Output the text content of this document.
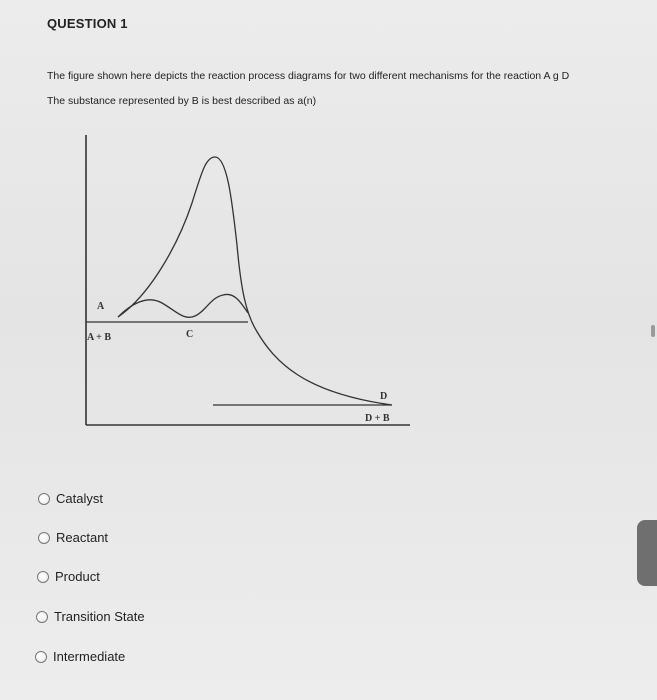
QUESTION 1
The figure shown here depicts the reaction process diagrams for two different mechanisms for the reaction A g D
The substance represented by B is best described as a(n)
A
A + B	C
D
D + B
Catalyst
Reactant
Product
Transition State
Intermediate
